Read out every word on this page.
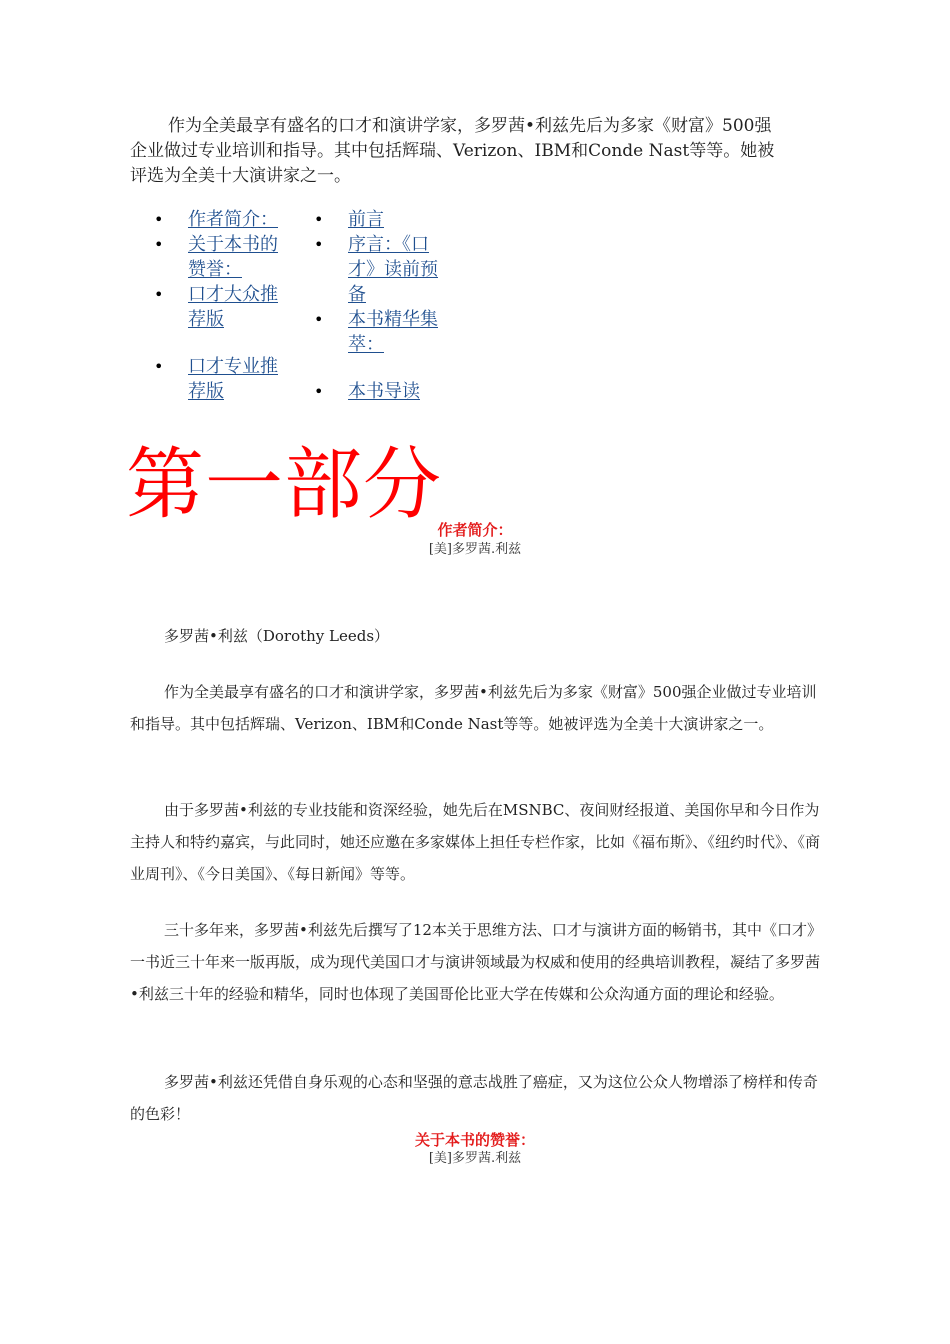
作为全美最享有盛名的口才和演讲学家，多罗茜•利兹先后为多家《财富》500强企业做过专业培训和指导。其中包括辉瑞、Verizon、IBM和Conde Nast等等。她被评选为全美十大演讲家之一。

• 作者简介：	• 前言
• 关于本书的赞誉：
• 序言：《口才》读前预备
• 口才大众推荐版	• 本书精华集萃：
• 口才专业推荐版	• 本书导读
第一部分
作者简介：

[美]多罗茜.利兹

多罗茜•利兹（Dorothy Leeds）

作为全美最享有盛名的口才和演讲学家，多罗茜•利兹先后为多家《财富》500强企业做过专业培训和指导。其中包括辉瑞、Verizon、IBM和Conde Nast等等。她被评选为全美十大演讲家之一。

由于多罗茜•利兹的专业技能和资深经验，她先后在MSNBC、夜间财经报道、美国你早和今日作为主持人和特约嘉宾，与此同时，她还应邀在多家媒体上担任专栏作家，比如《福布斯》、《纽约时代》、《商业周刊》、《今日美国》、《每日新闻》等等。

三十多年来，多罗茜•利兹先后撰写了12本关于思维方法、口才与演讲方面的畅销书，其中《口才》一书近三十年来一版再版，成为现代美国口才与演讲领域最为权威和使用的经典培训教程，凝结了多罗茜•利兹三十年的经验和精华，同时也体现了美国哥伦比亚大学在传媒和公众沟通方面的理论和经验。

多罗茜•利兹还凭借自身乐观的心态和坚强的意志战胜了癌症，又为这位公众人物增添了榜样和传奇的色彩！

关于本书的赞誉：

[美]多罗茜.利兹
